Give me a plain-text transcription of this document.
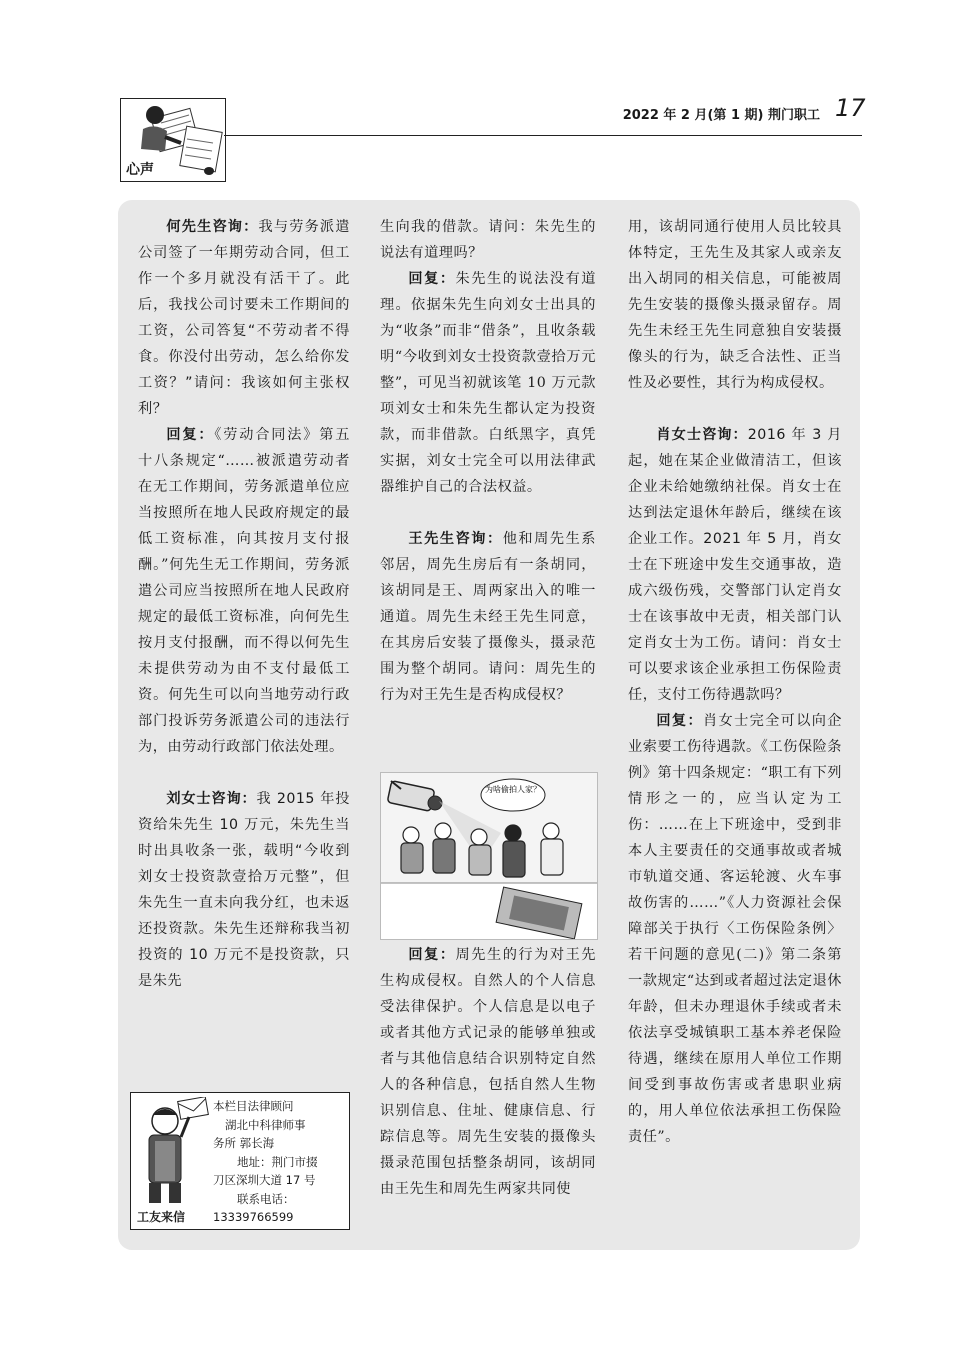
心声
2022 年 2 月(第 1 期) 荆门职工 17

何先生咨询：我与劳务派遣公司签了一年期劳动合同，但工作一个多月就没有活干了。此后，我找公司讨要未工作期间的工资，公司答复“不劳动者不得食。你没付出劳动，怎么给你发工资？”请问：我该如何主张权利？

回复：《劳动合同法》第五十八条规定“……被派遣劳动者在无工作期间，劳务派遣单位应当按照所在地人民政府规定的最低工资标准，向其按月支付报酬。”何先生无工作期间，劳务派遣公司应当按照所在地人民政府规定的最低工资标准，向何先生按月支付报酬，而不得以何先生未提供劳动为由不支付最低工资。何先生可以向当地劳动行政部门投诉劳务派遣公司的违法行为，由劳动行政部门依法处理。

刘女士咨询：我 2015 年投资给朱先生 10 万元，朱先生当时出具收条一张，载明“今收到刘女士投资款壹拾万元整”，但朱先生一直未向我分红，也未返还投资款。朱先生还辩称我当初投资的 10 万元不是投资款，只是朱先

生向我的借款。请问：朱先生的说法有道理吗？

回复：朱先生的说法没有道理。依据朱先生向刘女士出具的为“收条”而非“借条”，且收条载明“今收到刘女士投资款壹拾万元整”，可见当初就该笔 10 万元款项刘女士和朱先生都认定为投资款，而非借款。白纸黑字，真凭实据，刘女士完全可以用法律武器维护自己的合法权益。

王先生咨询：他和周先生系邻居，周先生房后有一条胡同，该胡同是王、周两家出入的唯一通道。周先生未经王先生同意，在其房后安装了摄像头，摄录范围为整个胡同。请问：周先生的行为对王先生是否构成侵权？

为啥偷拍人家？

回复：周先生的行为对王先生构成侵权。自然人的个人信息受法律保护。个人信息是以电子或者其他方式记录的能够单独或者与其他信息结合识别特定自然人的各种信息，包括自然人生物识别信息、住址、健康信息、行踪信息等。周先生安装的摄像头摄录范围包括整条胡同，该胡同由王先生和周先生两家共同使

用，该胡同通行使用人员比较具体特定，王先生及其家人或亲友出入胡同的相关信息，可能被周先生安装的摄像头摄录留存。周先生未经王先生同意独自安装摄像头的行为，缺乏合法性、正当性及必要性，其行为构成侵权。

肖女士咨询：2016 年 3 月起，她在某企业做清洁工，但该企业未给她缴纳社保。肖女士在达到法定退休年龄后，继续在该企业工作。2021 年 5 月，肖女士在下班途中发生交通事故，造成六级伤残，交警部门认定肖女士在该事故中无责，相关部门认定肖女士为工伤。请问：肖女士可以要求该企业承担工伤保险责任，支付工伤待遇款吗？

回复：肖女士完全可以向企业索要工伤待遇款。《工伤保险条例》第十四条规定：“职工有下列情形之一的，应当认定为工伤：……在上下班途中，受到非本人主要责任的交通事故或者城市轨道交通、客运轮渡、火车事故伤害的……”《人力资源社会保障部关于执行〈工伤保险条例〉若干问题的意见(二)》第二条第一款规定“达到或者超过法定退休年龄，但未办理退休手续或者未依法享受城镇职工基本养老保险待遇，继续在原用人单位工作期间受到事故伤害或者患职业病的，用人单位依法承担工伤保险责任”。

本栏目法律顾问
湖北中科律师事
务所 郭长海
地址：荆门市掇
刀区深圳大道 17 号
联系电话：
13339766599
工友来信
